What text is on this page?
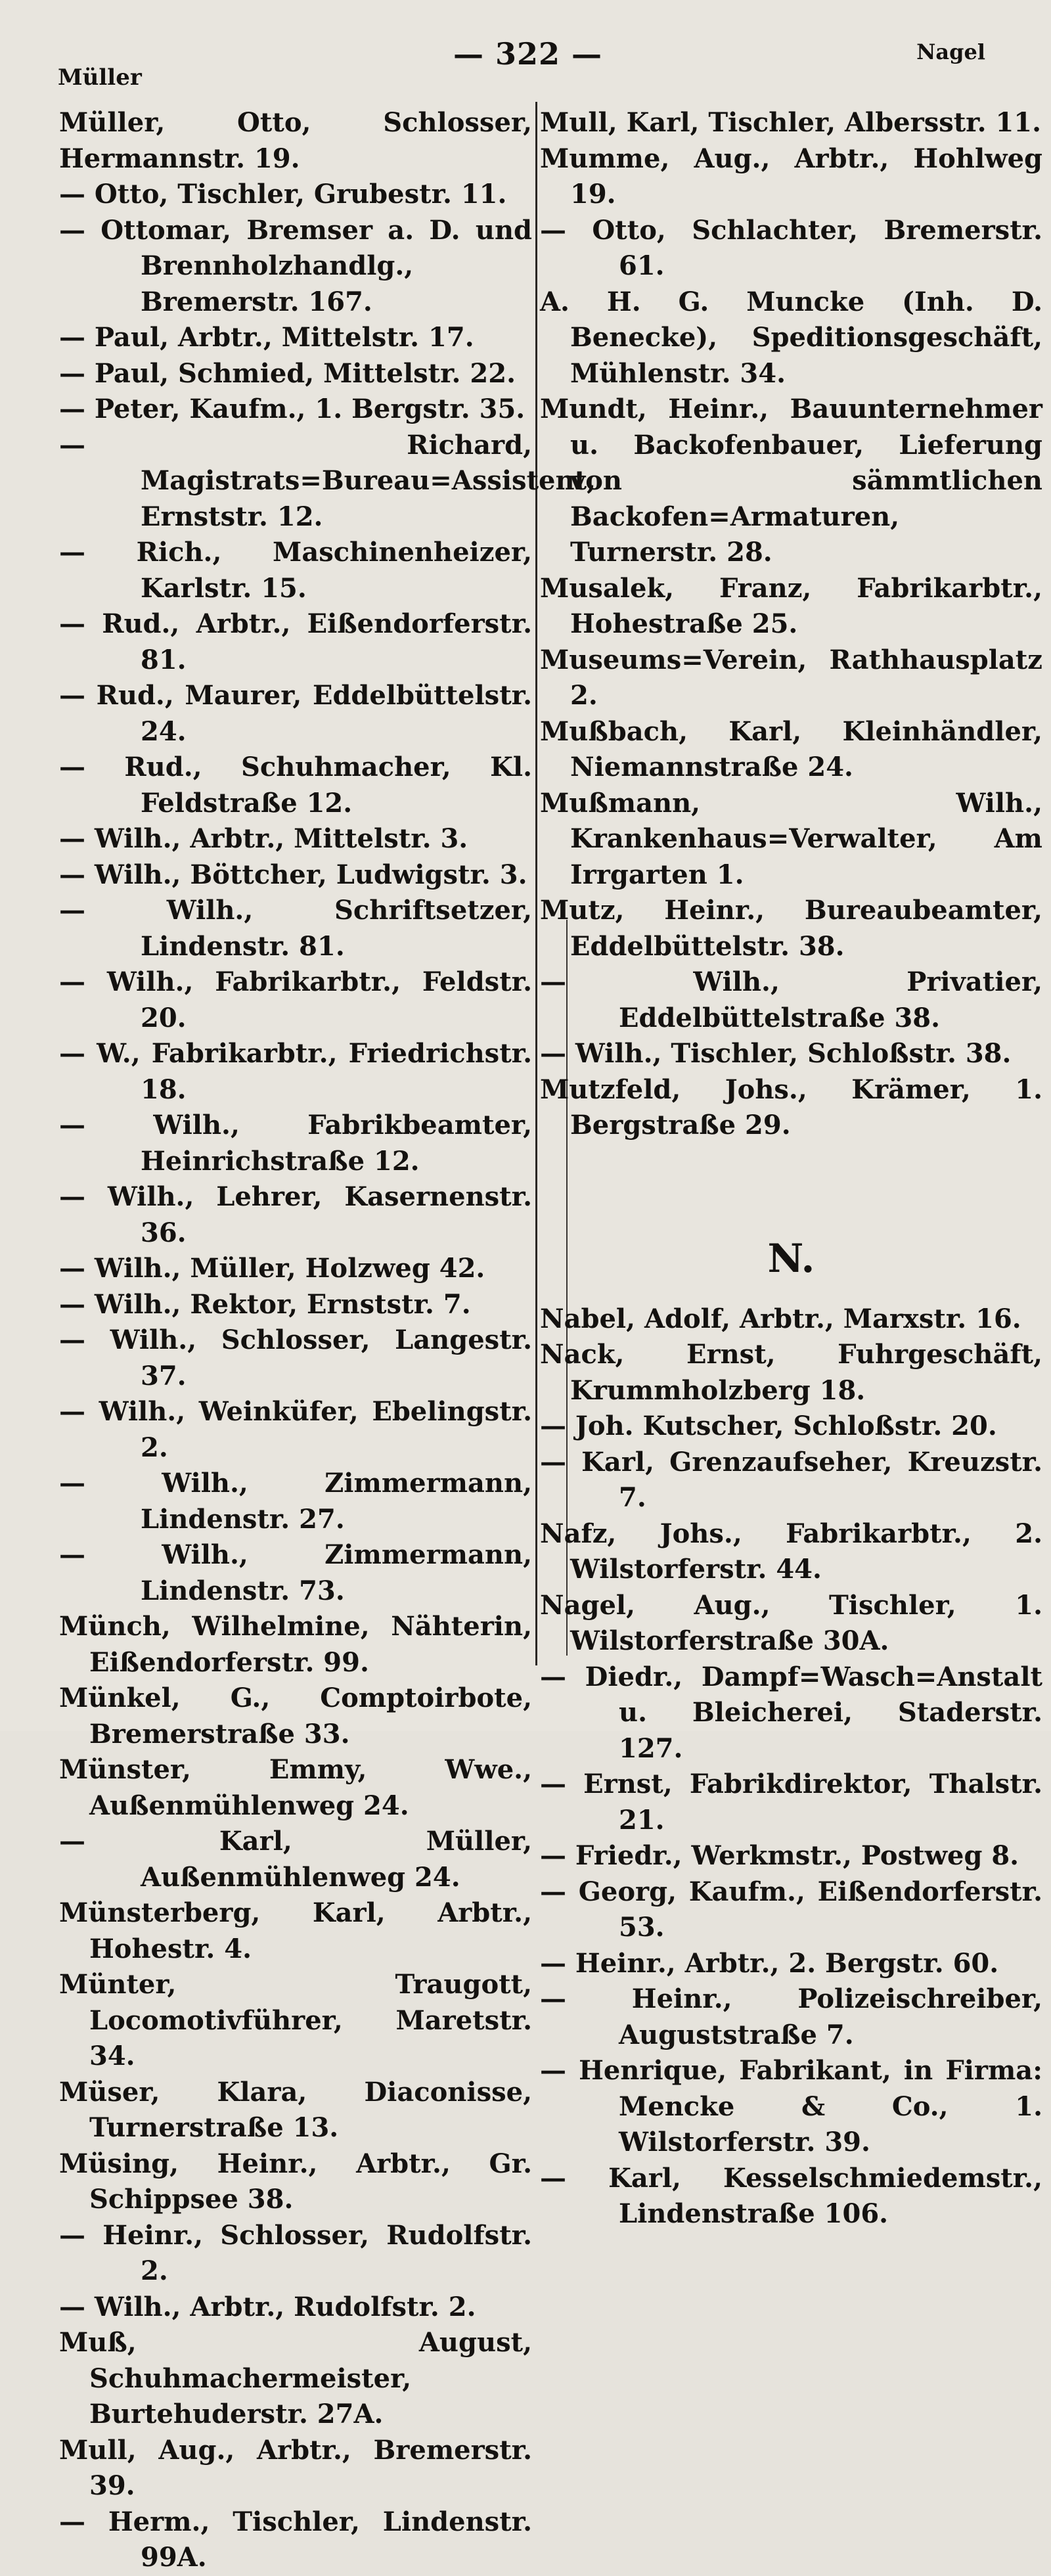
Müller
— 322 —	Nagel

Müller, Otto, Schlosser, Hermannstr. 19.

— Otto, Tischler, Grubestr. 11.

— Ottomar, Bremser a. D. und Brennholzhandlg., Bremerstr. 167.

— Paul, Arbtr., Mittelstr. 17.

— Paul, Schmied, Mittelstr. 22.

— Peter, Kaufm., 1. Bergstr. 35.

— Richard, Magistrats=Bureau=Assistent, Ernststr. 12.

— Rich., Maschinenheizer, Karlstr. 15.

— Rud., Arbtr., Eißendorferstr. 81.

— Rud., Maurer, Eddelbüttelstr. 24.

— Rud., Schuhmacher, Kl. Feldstraße 12.

— Wilh., Arbtr., Mittelstr. 3.

— Wilh., Böttcher, Ludwigstr. 3.

— Wilh., Schriftsetzer, Lindenstr. 81.

— Wilh., Fabrikarbtr., Feldstr. 20.

— W., Fabrikarbtr., Friedrichstr. 18.

— Wilh., Fabrikbeamter, Heinrichstraße 12.

— Wilh., Lehrer, Kasernenstr. 36.

— Wilh., Müller, Holzweg 42.

— Wilh., Rektor, Ernststr. 7.

— Wilh., Schlosser, Langestr. 37.

— Wilh., Weinküfer, Ebelingstr. 2.

— Wilh., Zimmermann, Lindenstr. 27.

— Wilh., Zimmermann, Lindenstr. 73.

Münch, Wilhelmine, Nähterin, Eißendorferstr. 99.

Münkel, G., Comptoirbote, Bremerstraße 33.

Münster, Emmy, Wwe., Außenmühlenweg 24.

— Karl, Müller, Außenmühlenweg 24.

Münsterberg, Karl, Arbtr., Hohestr. 4.

Münter, Traugott, Locomotivführer, Maretstr. 34.

Müser, Klara, Diaconisse, Turnerstraße 13.

Müsing, Heinr., Arbtr., Gr. Schippsee 38.

— Heinr., Schlosser, Rudolfstr. 2.

— Wilh., Arbtr., Rudolfstr. 2.

Muß, August, Schuhmachermeister, Burtehuderstr. 27A.

Mull, Aug., Arbtr., Bremerstr. 39.

— Herm., Tischler, Lindenstr. 99A.

Mull, Karl, Tischler, Albersstr. 11.

Mumme, Aug., Arbtr., Hohlweg 19.

— Otto, Schlachter, Bremerstr. 61.

A. H. G. Muncke (Inh. D. Benecke), Speditionsgeschäft, Mühlenstr. 34.

Mundt, Heinr., Bauunternehmer u. Backofenbauer, Lieferung von sämmtlichen Backofen=Armaturen, Turnerstr. 28.

Musalek, Franz, Fabrikarbtr., Hohestraße 25.

Museums=Verein, Rathhausplatz 2.

Mußbach, Karl, Kleinhändler, Niemannstraße 24.

Mußmann, Wilh., Krankenhaus=Verwalter, Am Irrgarten 1.

Mutz, Heinr., Bureaubeamter, Eddelbüttelstr. 38.

— Wilh., Privatier, Eddelbüttelstraße 38.

— Wilh., Tischler, Schloßstr. 38.

Mutzfeld, Johs., Krämer, 1. Bergstraße 29.

N.

Nabel, Adolf, Arbtr., Marxstr. 16.

Nack, Ernst, Fuhrgeschäft, Krummholzberg 18.

— Joh. Kutscher, Schloßstr. 20.

— Karl, Grenzaufseher, Kreuzstr. 7.

Nafz, Johs., Fabrikarbtr., 2. Wilstorferstr. 44.

Nagel, Aug., Tischler, 1. Wilstorferstraße 30A.

— Diedr., Dampf=Wasch=Anstalt u. Bleicherei, Staderstr. 127.

— Ernst, Fabrikdirektor, Thalstr. 21.

— Friedr., Werkmstr., Postweg 8.

— Georg, Kaufm., Eißendorferstr. 53.

— Heinr., Arbtr., 2. Bergstr. 60.

— Heinr., Polizeischreiber, Auguststraße 7.

— Henrique, Fabrikant, in Firma: Mencke & Co., 1. Wilstorferstr. 39.

— Karl, Kesselschmiedemstr., Lindenstraße 106.
